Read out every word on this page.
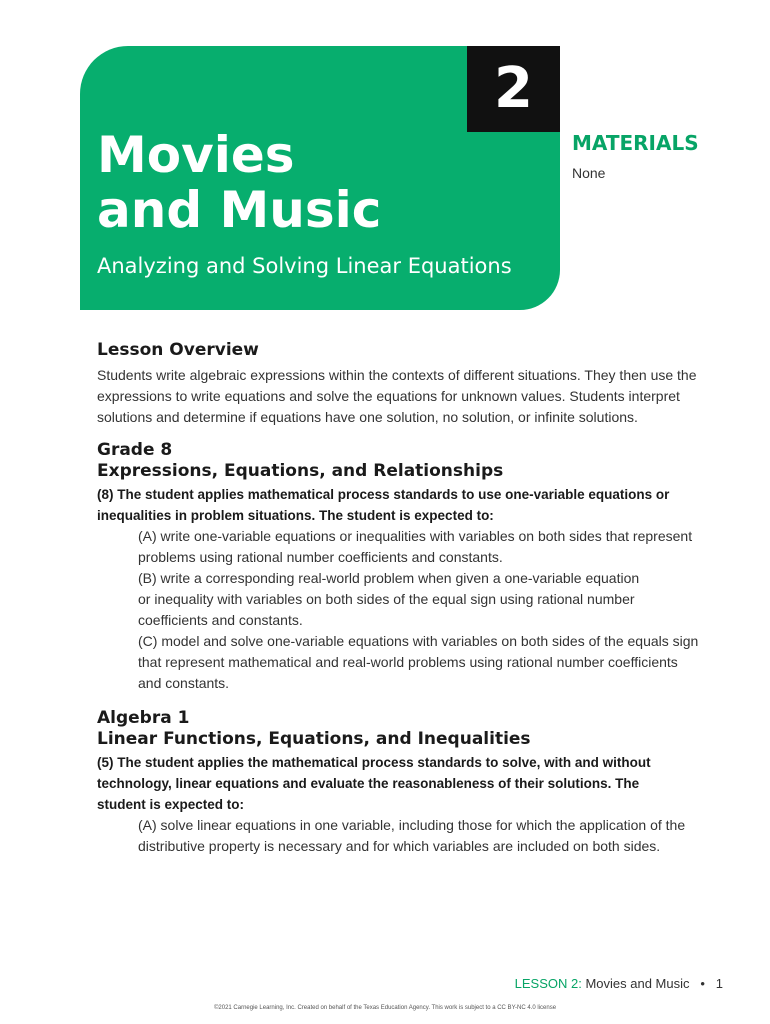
2
Movies
and Music
Analyzing and Solving Linear Equations
MATERIALS

None

Lesson Overview

Students write algebraic expressions within the contexts of different situations. They then use the
expressions to write equations and solve the equations for unknown values. Students interpret
solutions and determine if equations have one solution, no solution, or infinite solutions.

Grade 8
Expressions, Equations, and Relationships

(8) The student applies mathematical process standards to use one-variable equations or
inequalities in problem situations. The student is expected to:

(A) write one-variable equations or inequalities with variables on both sides that represent
problems using rational number coefficients and constants.

(B) write a corresponding real-world problem when given a one-variable equation
or inequality with variables on both sides of the equal sign using rational number
coefficients and constants.

(C) model and solve one-variable equations with variables on both sides of the equals sign
that represent mathematical and real-world problems using rational number coefficients
and constants.

Algebra 1
Linear Functions, Equations, and Inequalities

(5) The student applies the mathematical process standards to solve, with and without
technology, linear equations and evaluate the reasonableness of their solutions. The
student is expected to:

(A) solve linear equations in one variable, including those for which the application of the
distributive property is necessary and for which variables are included on both sides.

LESSON 2: Movies and Music • 1
©2021 Carnegie Learning, Inc. Created on behalf of the Texas Education Agency. This work is subject to a CC BY-NC 4.0 license
